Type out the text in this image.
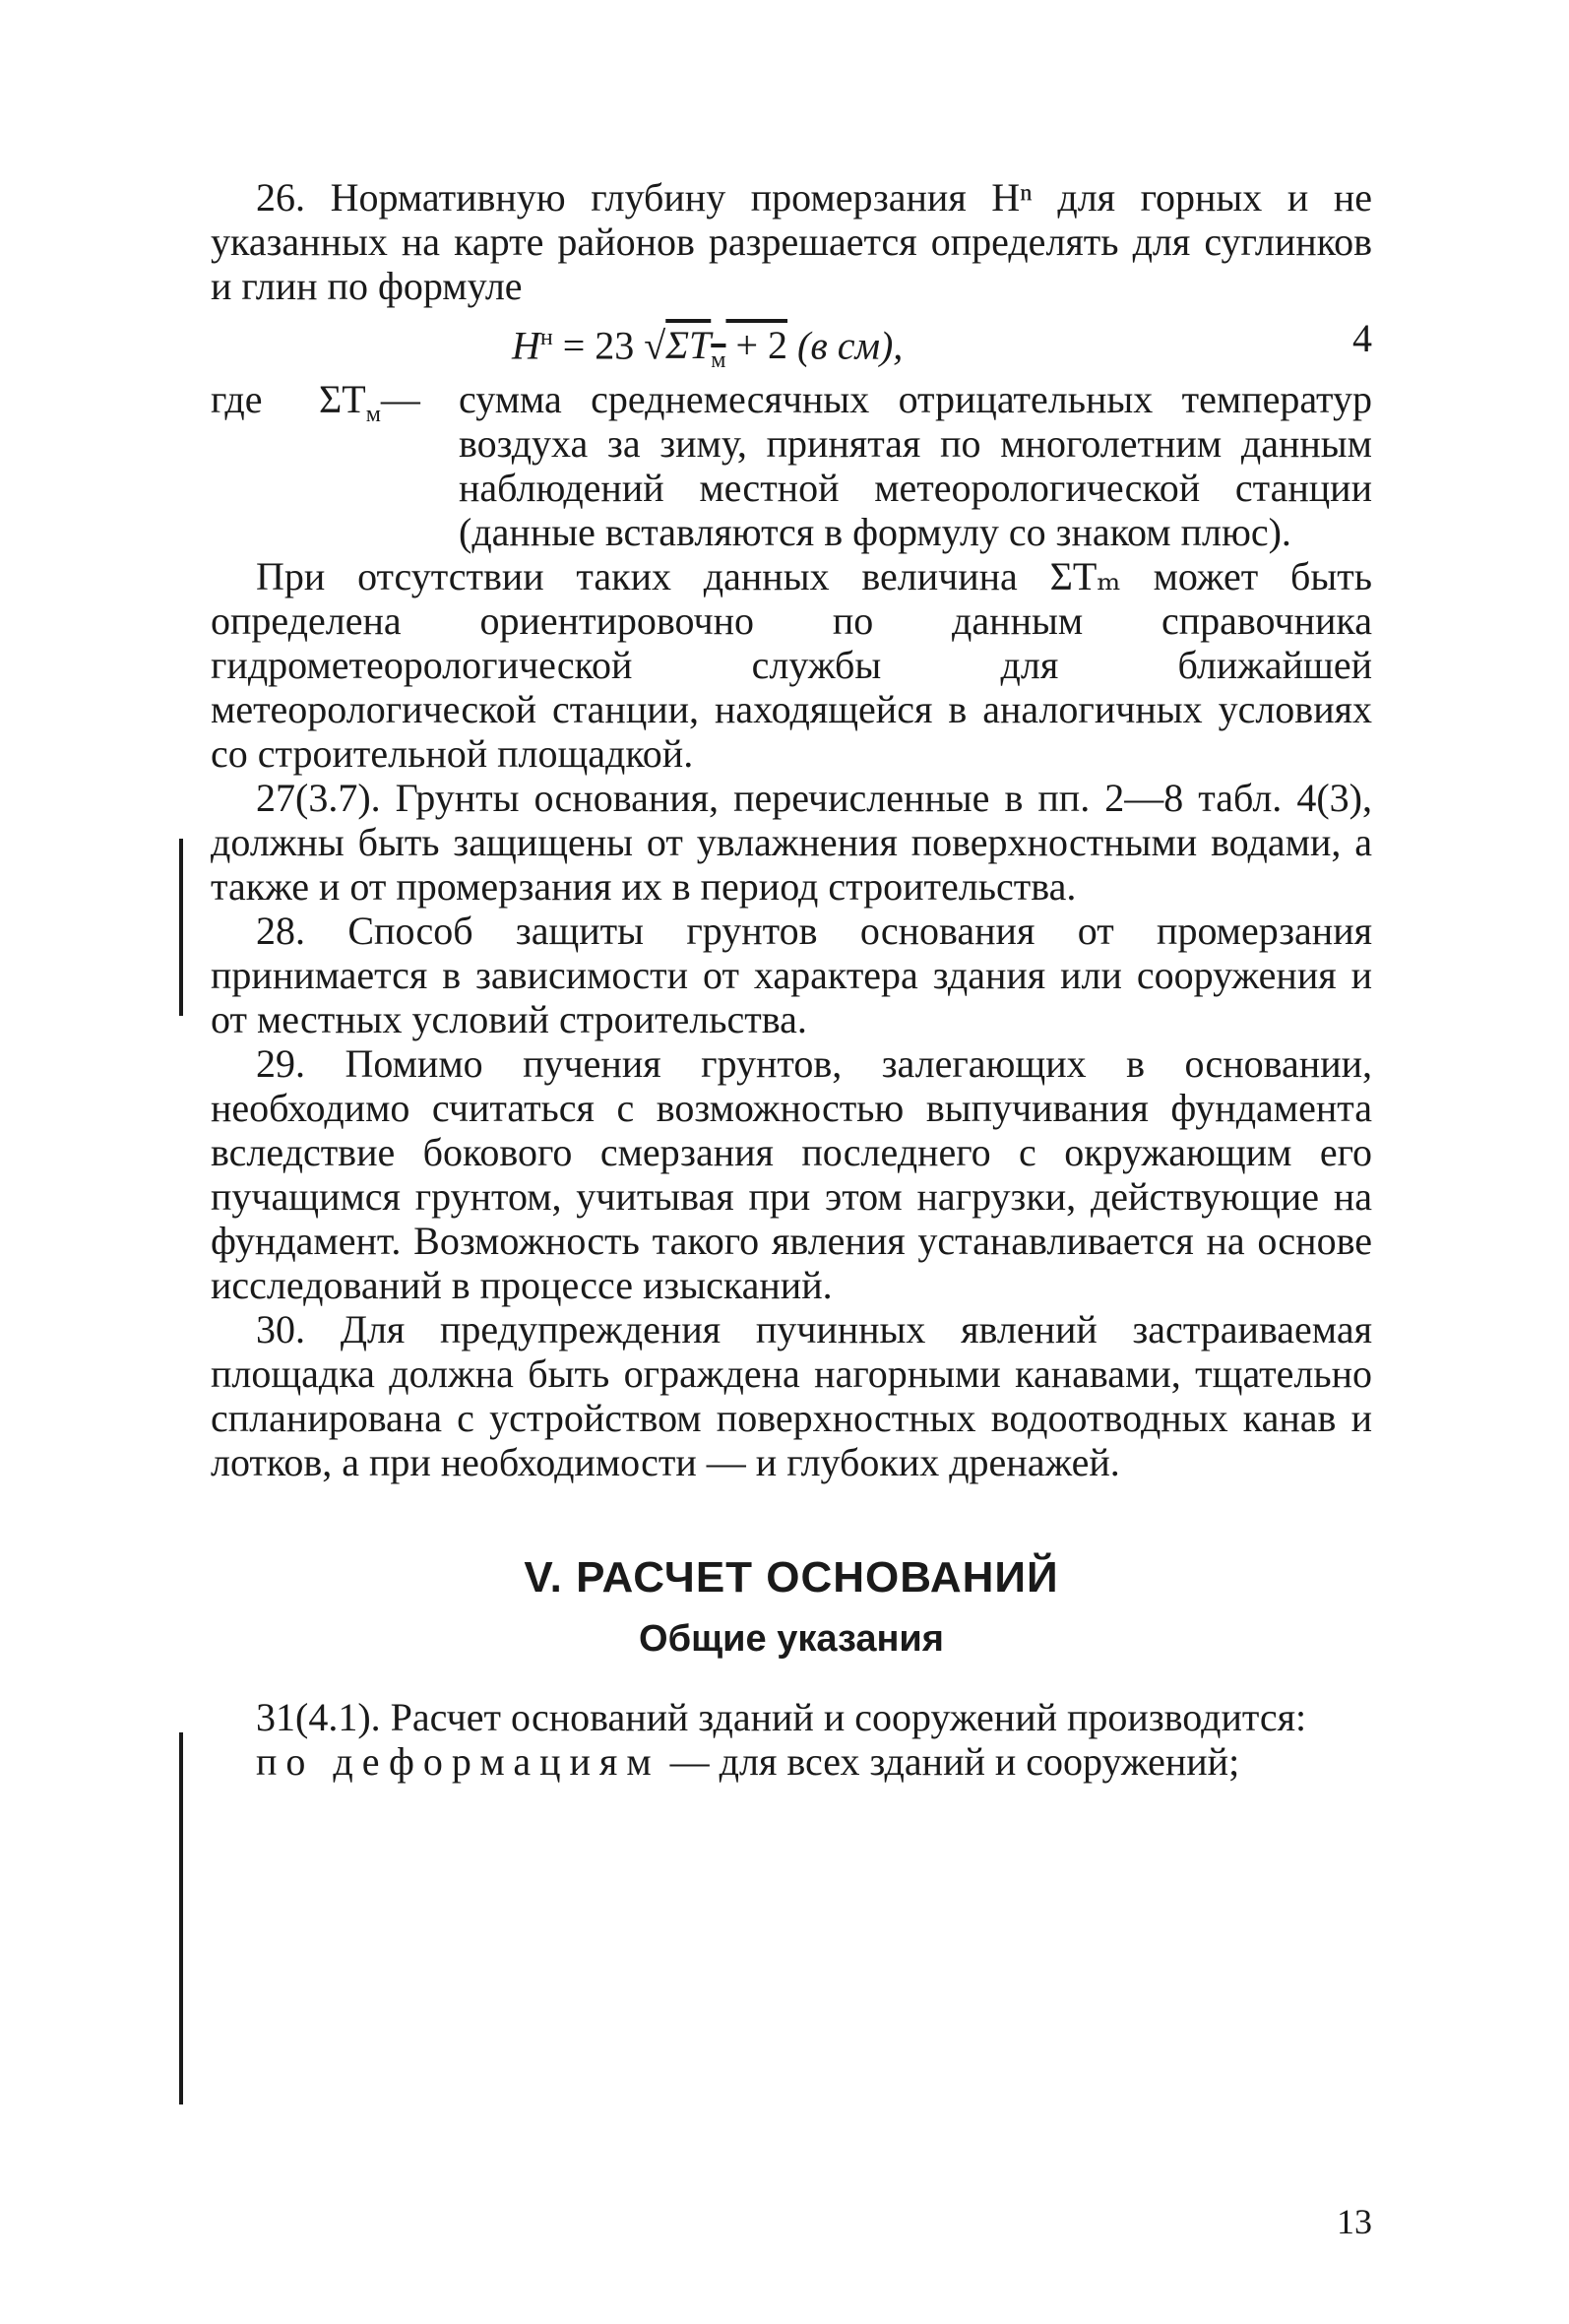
26. Нормативную глубину промерзания Нⁿ для горных и не указанных на карте районов разрешается определять для суглинков и глин по формуле

$Н^н = 23$ $√\Sigma T_м + 2$ (в см),	4
где $\Sigma Т_м—$ сумма среднемесячных отрицательных температур воздуха за зиму, принятая по многолетним данным наблюдений местной метеорологической станции (данные вставляются в формулу со знаком плюс).

При отсутствии таких данных величина ΣТₘ может быть определена ориентировочно по данным справочника гидрометеорологической службы для ближайшей метеорологической станции, находящейся в аналогичных условиях со строительной площадкой.

27(3.7). Грунты основания, перечисленные в пп. 2—8 табл. 4(3), должны быть защищены от увлажнения поверхностными водами, а также и от промерзания их в период строительства.

28. Способ защиты грунтов основания от промерзания принимается в зависимости от характера здания или сооружения и от местных условий строительства.

29. Помимо пучения грунтов, залегающих в основании, необходимо считаться с возможностью выпучивания фундамента вследствие бокового смерзания последнего с окружающим его пучащимся грунтом, учитывая при этом нагрузки, действующие на фундамент. Возможность такого явления устанавливается на основе исследований в процессе изысканий.

30. Для предупреждения пучинных явлений застраиваемая площадка должна быть ограждена нагорными канавами, тщательно спланирована с устройством поверхностных водоотводных канав и лотков, а при необходимости — и глубоких дренажей.

V. РАСЧЕТ ОСНОВАНИЙ
Общие указания

31(4.1). Расчет оснований зданий и сооружений производится:

по деформациям — для всех зданий и сооружений;

13
